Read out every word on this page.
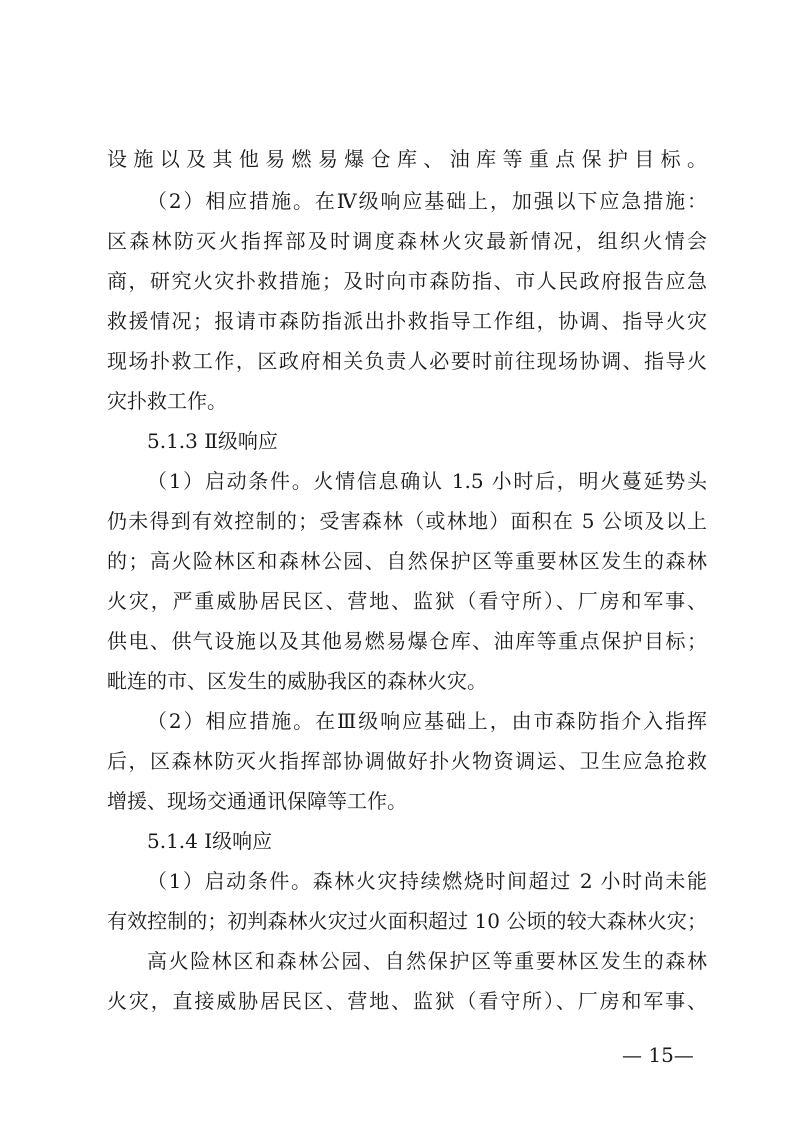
设施以及其他易燃易爆仓库、油库等重点保护目标。
（2）相应措施。在Ⅳ级响应基础上，加强以下应急措施：
区森林防灭火指挥部及时调度森林火灾最新情况，组织火情会
商，研究火灾扑救措施；及时向市森防指、市人民政府报告应急
救援情况；报请市森防指派出扑救指导工作组，协调、指导火灾
现场扑救工作，区政府相关负责人必要时前往现场协调、指导火
灾扑救工作。
5.1.3 Ⅱ级响应
（1）启动条件。火情信息确认 1.5 小时后，明火蔓延势头
仍未得到有效控制的；受害森林（或林地）面积在 5 公顷及以上
的；高火险林区和森林公园、自然保护区等重要林区发生的森林
火灾，严重威胁居民区、营地、监狱（看守所）、厂房和军事、
供电、供气设施以及其他易燃易爆仓库、油库等重点保护目标；
毗连的市、区发生的威胁我区的森林火灾。
（2）相应措施。在Ⅲ级响应基础上，由市森防指介入指挥
后，区森林防灭火指挥部协调做好扑火物资调运、卫生应急抢救
增援、现场交通通讯保障等工作。
5.1.4 Ⅰ级响应
（1）启动条件。森林火灾持续燃烧时间超过 2 小时尚未能
有效控制的；初判森林火灾过火面积超过 10 公顷的较大森林火灾；
高火险林区和森林公园、自然保护区等重要林区发生的森林
火灾，直接威胁居民区、营地、监狱（看守所）、厂房和军事、
— 15—
